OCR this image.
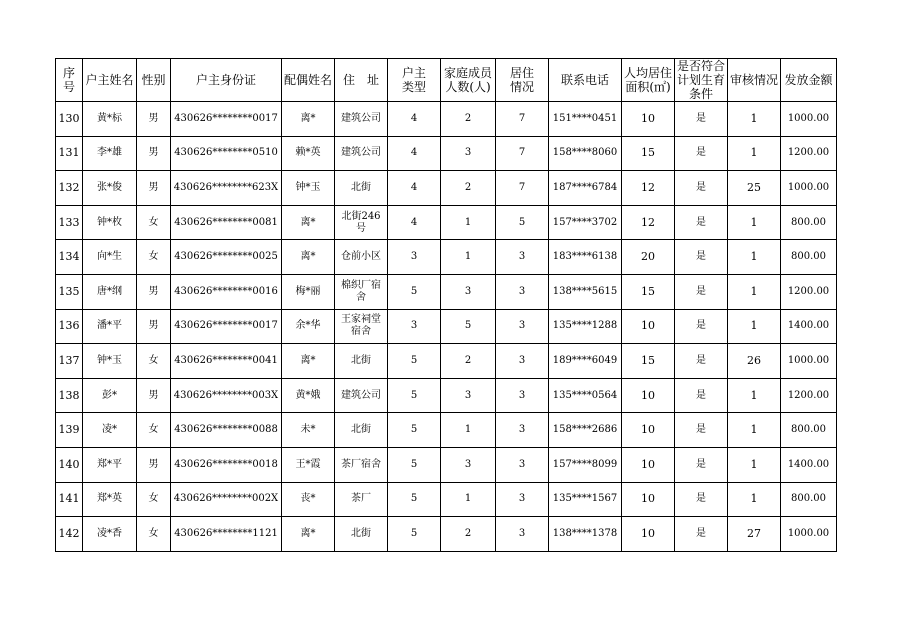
序号	户主姓名	性别	户主身份证	配偶姓名	住　址	户主类型	家庭成员人数(人)	居住情况	联系电话	人均居住面积(㎡)	是否符合计划生育条件	审核情况	发放金额
130	黄*标	男	430626********0017	离*	建筑公司	4	2	7	151****0451	10	是	1	1000.00
131	李*雄	男	430626********0510	赖*英	建筑公司	4	3	7	158****8060	15	是	1	1200.00
132	张*俊	男	430626********623X	钟*玉	北街	4	2	7	187****6784	12	是	25	1000.00
133	钟*枚	女	430626********0081	离*	北街246号	4	1	5	157****3702	12	是	1	800.00
134	向*生	女	430626********0025	离*	仓前小区	3	1	3	183****6138	20	是	1	800.00
135	唐*纲	男	430626********0016	梅*丽	棉织厂宿舍	5	3	3	138****5615	15	是	1	1200.00
136	潘*平	男	430626********0017	余*华	王家祠堂宿舍	3	5	3	135****1288	10	是	1	1400.00
137	钟*玉	女	430626********0041	离*	北街	5	2	3	189****6049	15	是	26	1000.00
138	彭*	男	430626********003X	黄*娥	建筑公司	5	3	3	135****0564	10	是	1	1200.00
139	凌*	女	430626********0088	未*	北街	5	1	3	158****2686	10	是	1	800.00
140	郑*平	男	430626********0018	王*霞	茶厂宿舍	5	3	3	157****8099	10	是	1	1400.00
141	郑*英	女	430626********002X	丧*	茶厂	5	1	3	135****1567	10	是	1	800.00
142	凌*香	女	430626********1121	离*	北街	5	2	3	138****1378	10	是	27	1000.00
